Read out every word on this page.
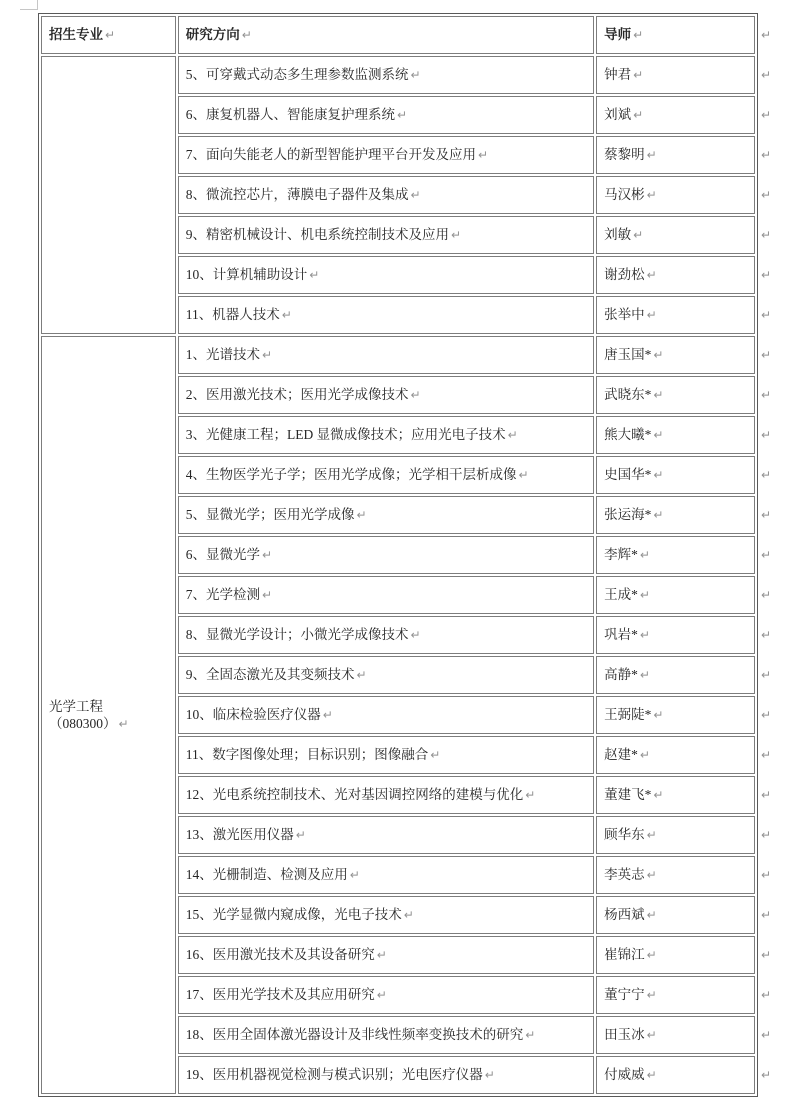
招生专业 ↵	研究方向 ↵	导师 ↵
	5、可穿戴式动态多生理参数监测系统 ↵	钟君 ↵
	6、康复机器人、智能康复护理系统 ↵	刘斌 ↵
	7、面向失能老人的新型智能护理平台开发及应用 ↵	蔡黎明 ↵
	8、微流控芯片，薄膜电子器件及集成 ↵	马汉彬 ↵
	9、精密机械设计、机电系统控制技术及应用 ↵	刘敏 ↵
	10、计算机辅助设计 ↵	谢劲松 ↵
	11、机器人技术 ↵	张举中 ↵
光学工程
（080300） ↵	1、光谱技术 ↵	唐玉国* ↵
	2、医用激光技术；医用光学成像技术 ↵	武晓东* ↵
	3、光健康工程；LED 显微成像技术；应用光电子技术 ↵	熊大曦* ↵
	4、生物医学光子学；医用光学成像；光学相干层析成像 ↵	史国华* ↵
	5、显微光学；医用光学成像 ↵	张运海* ↵
	6、显微光学 ↵	李辉* ↵
	7、光学检测 ↵	王成* ↵
	8、显微光学设计；小微光学成像技术 ↵	巩岩* ↵
	9、全固态激光及其变频技术 ↵	高静* ↵
	10、临床检验医疗仪器 ↵	王弼陡* ↵
	11、数字图像处理；目标识别；图像融合 ↵	赵建* ↵
	12、光电系统控制技术、光对基因调控网络的建模与优化 ↵	董建飞* ↵
	13、激光医用仪器 ↵	顾华东 ↵
	14、光栅制造、检测及应用 ↵	李英志 ↵
	15、光学显微内窥成像，光电子技术 ↵	杨西斌 ↵
	16、医用激光技术及其设备研究 ↵	崔锦江 ↵
	17、医用光学技术及其应用研究 ↵	董宁宁 ↵
	18、医用全固体激光器设计及非线性频率变换技术的研究 ↵	田玉冰 ↵
	19、医用机器视觉检测与模式识别；光电医疗仪器 ↵	付威威 ↵
↵
↵
↵
↵
↵
↵
↵
↵
↵
↵
↵
↵
↵
↵
↵
↵
↵
↵
↵
↵
↵
↵
↵
↵
↵
↵
↵
